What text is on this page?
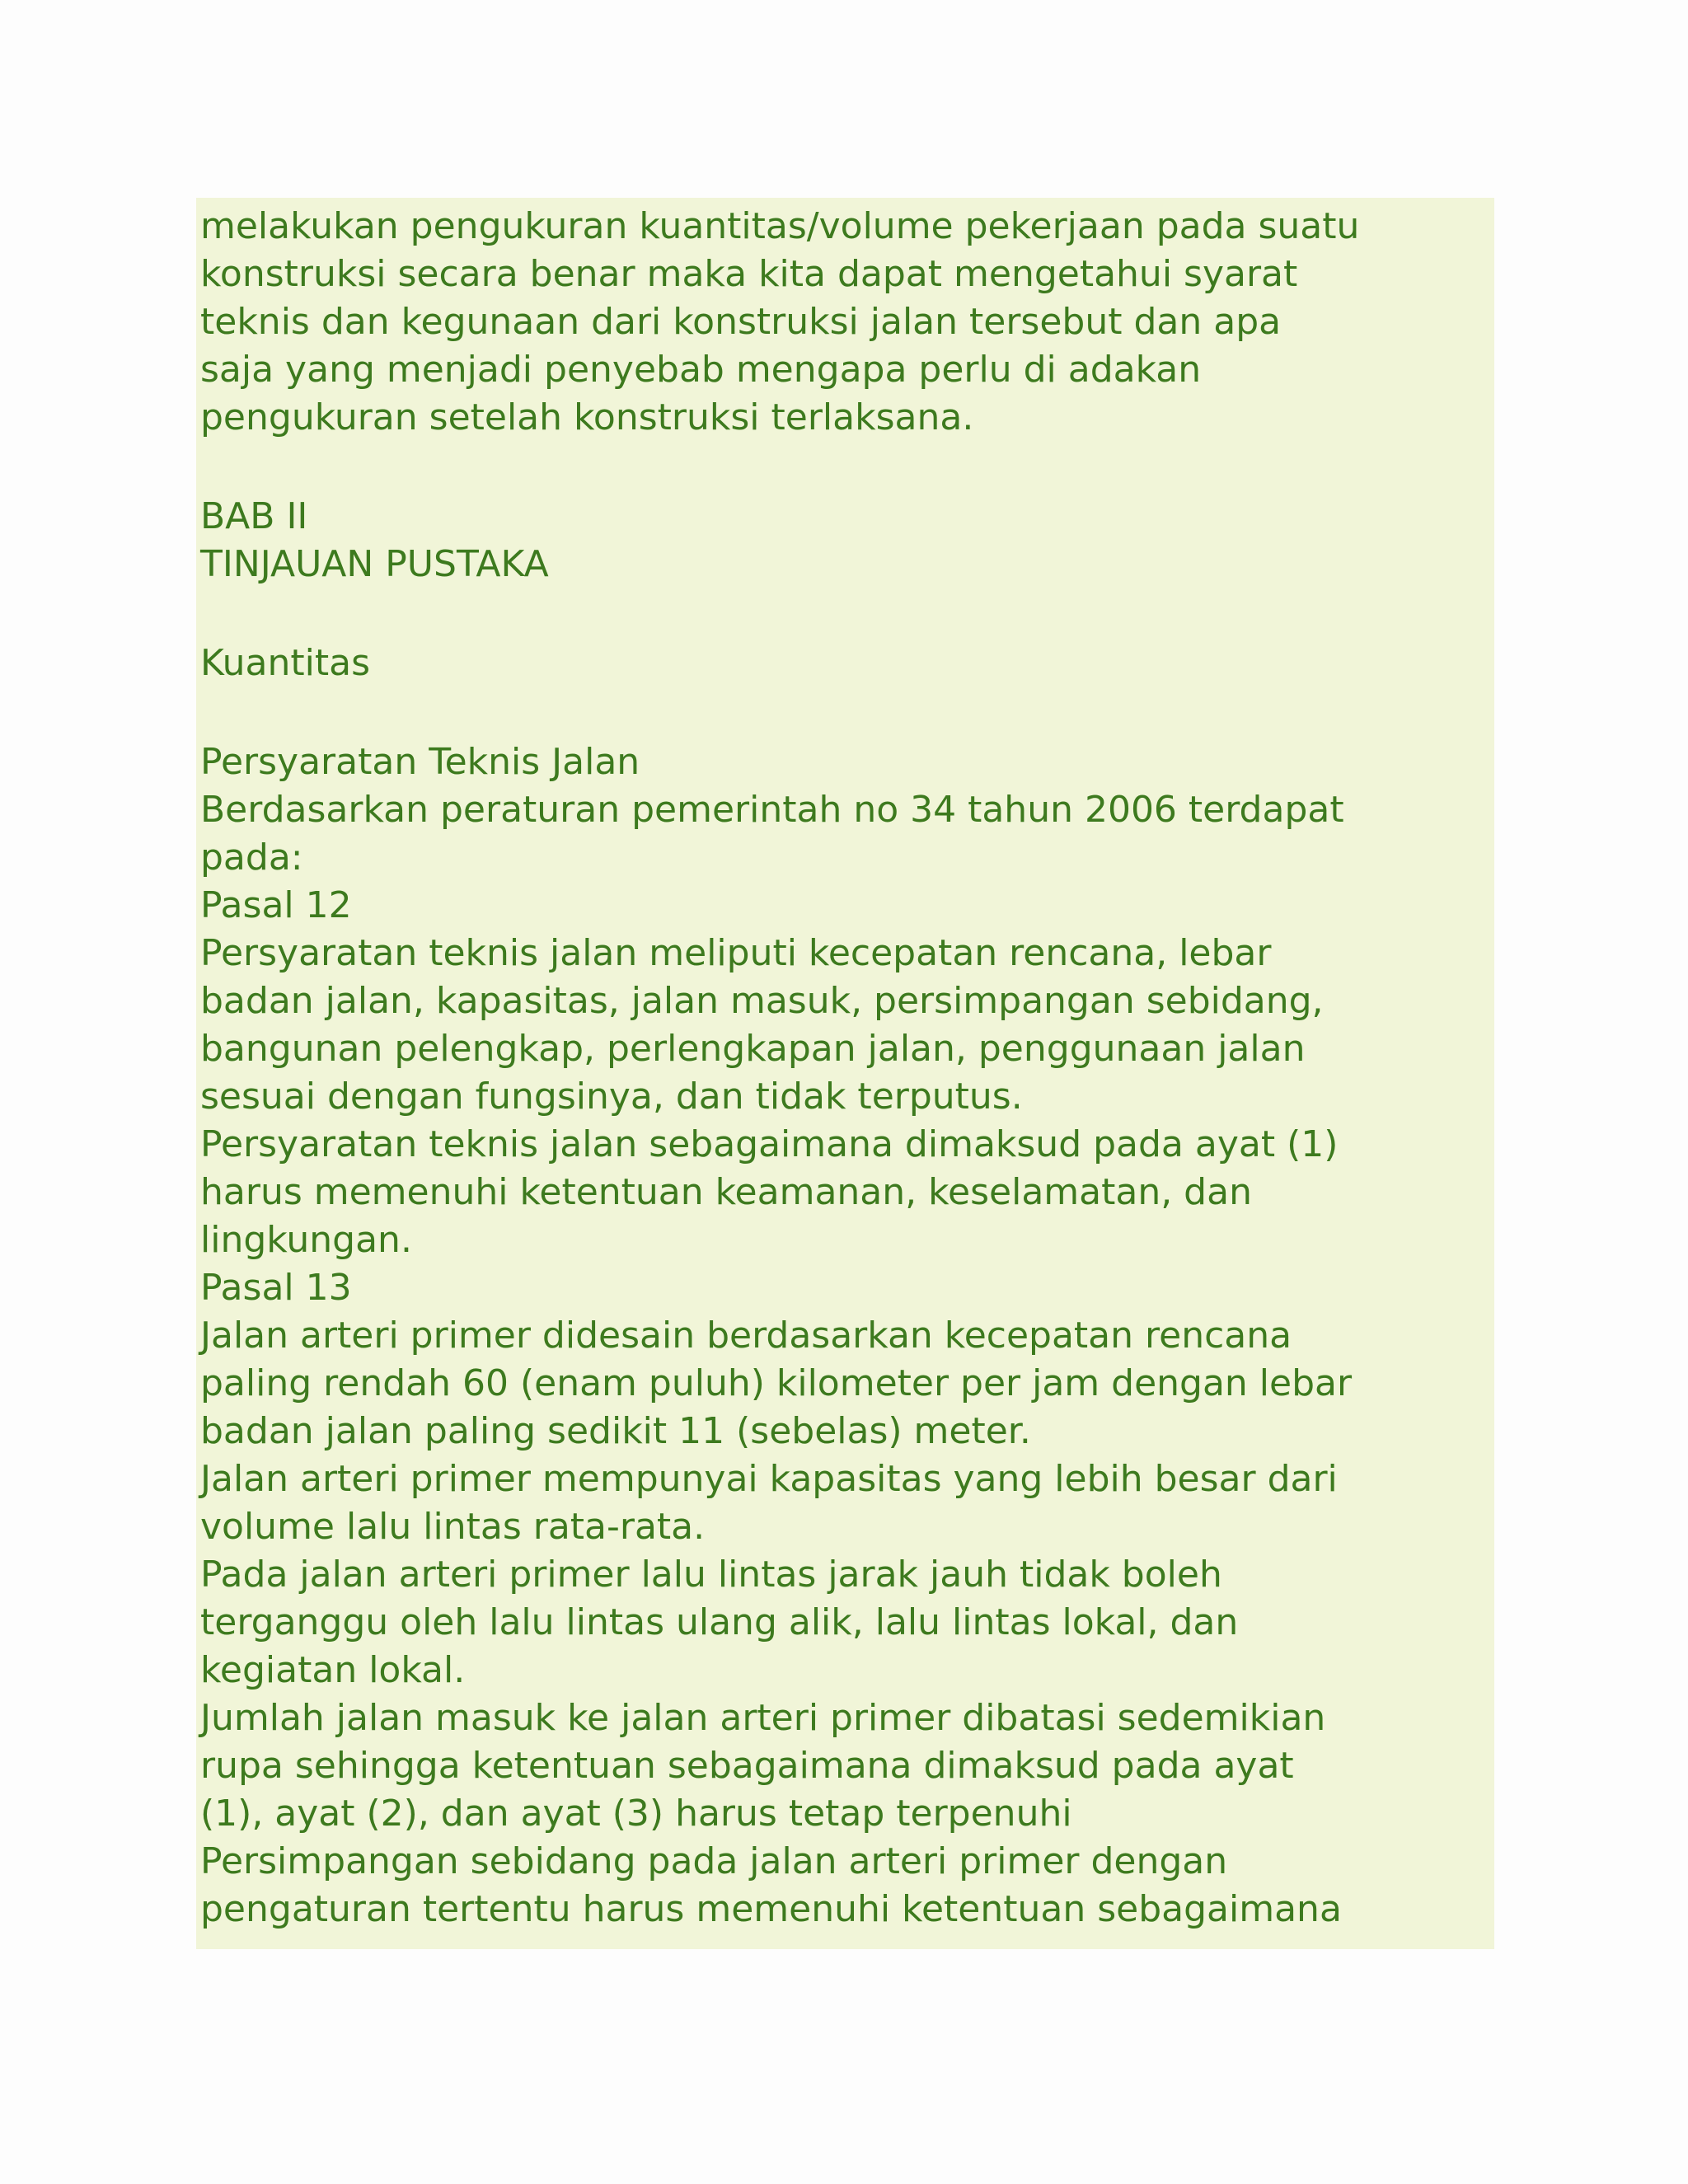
melakukan pengukuran kuantitas/volume pekerjaan pada suatu
konstruksi secara benar maka kita dapat mengetahui syarat
teknis dan kegunaan dari konstruksi jalan tersebut dan apa
saja yang menjadi penyebab mengapa perlu di adakan
pengukuran setelah konstruksi terlaksana.
BAB II
TINJAUAN PUSTAKA
Kuantitas
Persyaratan Teknis Jalan
Berdasarkan peraturan pemerintah no 34 tahun 2006 terdapat
pada:
Pasal 12
Persyaratan teknis jalan meliputi kecepatan rencana, lebar
badan jalan, kapasitas, jalan masuk, persimpangan sebidang,
bangunan pelengkap, perlengkapan jalan, penggunaan jalan
sesuai dengan fungsinya, dan tidak terputus.
Persyaratan teknis jalan sebagaimana dimaksud pada ayat (1)
harus memenuhi ketentuan keamanan, keselamatan, dan
lingkungan.
Pasal 13
Jalan arteri primer didesain berdasarkan kecepatan rencana
paling rendah 60 (enam puluh) kilometer per jam dengan lebar
badan jalan paling sedikit 11 (sebelas) meter.
Jalan arteri primer mempunyai kapasitas yang lebih besar dari
volume lalu lintas rata-rata.
Pada jalan arteri primer lalu lintas jarak jauh tidak boleh
terganggu oleh lalu lintas ulang alik, lalu lintas lokal, dan
kegiatan lokal.
Jumlah jalan masuk ke jalan arteri primer dibatasi sedemikian
rupa sehingga ketentuan sebagaimana dimaksud pada ayat
(1), ayat (2), dan ayat (3) harus tetap terpenuhi
Persimpangan sebidang pada jalan arteri primer dengan
pengaturan tertentu harus memenuhi ketentuan sebagaimana
